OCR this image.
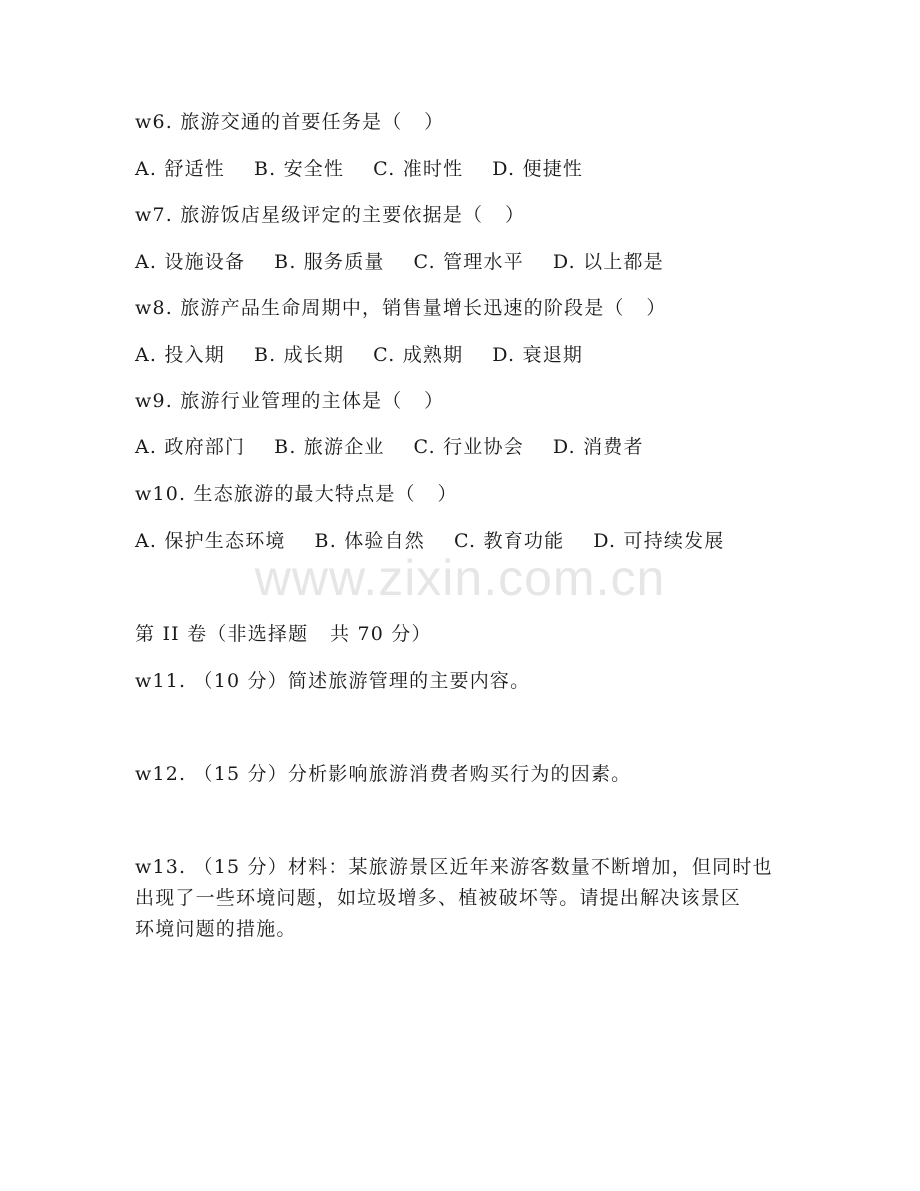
w6. 旅游交通的首要任务是（   ）
A. 舒适性    B. 安全性    C. 准时性    D. 便捷性
w7. 旅游饭店星级评定的主要依据是（   ）
A. 设施设备    B. 服务质量    C. 管理水平    D. 以上都是
w8. 旅游产品生命周期中，销售量增长迅速的阶段是（   ）
A. 投入期    B. 成长期    C. 成熟期    D. 衰退期
w9. 旅游行业管理的主体是（   ）
A. 政府部门    B. 旅游企业    C. 行业协会    D. 消费者
w10. 生态旅游的最大特点是（   ）
A. 保护生态环境    B. 体验自然    C. 教育功能    D. 可持续发展
www.zixin.com.cn
第 II 卷（非选择题   共 70 分）
w11. （10 分）简述旅游管理的主要内容。
w12. （15 分）分析影响旅游消费者购买行为的因素。
w13. （15 分）材料：某旅游景区近年来游客数量不断增加，但同时也
出现了一些环境问题，如垃圾增多、植被破坏等。请提出解决该景区
环境问题的措施。
